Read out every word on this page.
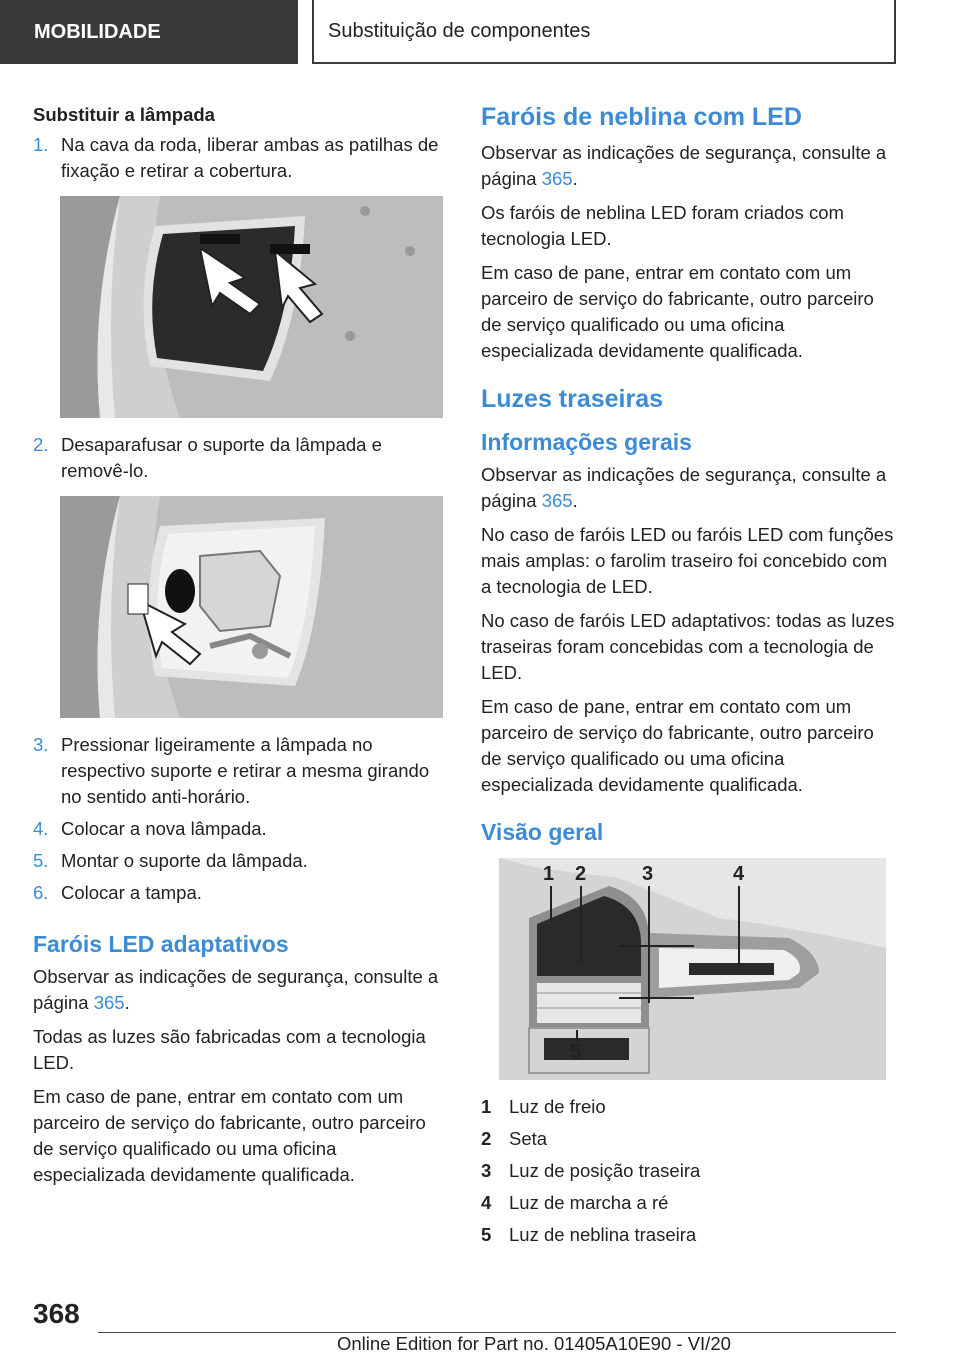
MOBILIDADE	Substituição de componentes
Substituir a lâmpada
1. Na cava da roda, liberar ambas as patilhas de fixação e retirar a cobertura.
2. Desaparafusar o suporte da lâmpada e removê-lo.
3. Pressionar ligeiramente a lâmpada no respectivo suporte e retirar a mesma girando no sentido anti-horário.
4. Colocar a nova lâmpada.
5. Montar o suporte da lâmpada.
6. Colocar a tampa.
Faróis LED adaptativos

Observar as indicações de segurança, consulte a página 365.

Todas as luzes são fabricadas com a tecnologia LED.

Em caso de pane, entrar em contato com um parceiro de serviço do fabricante, outro parceiro de serviço qualificado ou uma oficina especializada devidamente qualificada.

Faróis de neblina com LED

Observar as indicações de segurança, consulte a página 365.

Os faróis de neblina LED foram criados com tecnologia LED.

Em caso de pane, entrar em contato com um parceiro de serviço do fabricante, outro parceiro de serviço qualificado ou uma oficina especializada devidamente qualificada.

Luzes traseiras
Informações gerais

Observar as indicações de segurança, consulte a página 365.

No caso de faróis LED ou faróis LED com funções mais amplas: o farolim traseiro foi concebido com a tecnologia de LED.

No caso de faróis LED adaptativos: todas as luzes traseiras foram concebidas com a tecnologia de LED.

Em caso de pane, entrar em contato com um parceiro de serviço do fabricante, outro parceiro de serviço qualificado ou uma oficina especializada devidamente qualificada.

Visão geral
1 2	3	4
5
1 Luz de freio
2 Seta
3 Luz de posição traseira
4 Luz de marcha a ré
5 Luz de neblina traseira
368
Online Edition for Part no. 01405A10E90 - VI/20
